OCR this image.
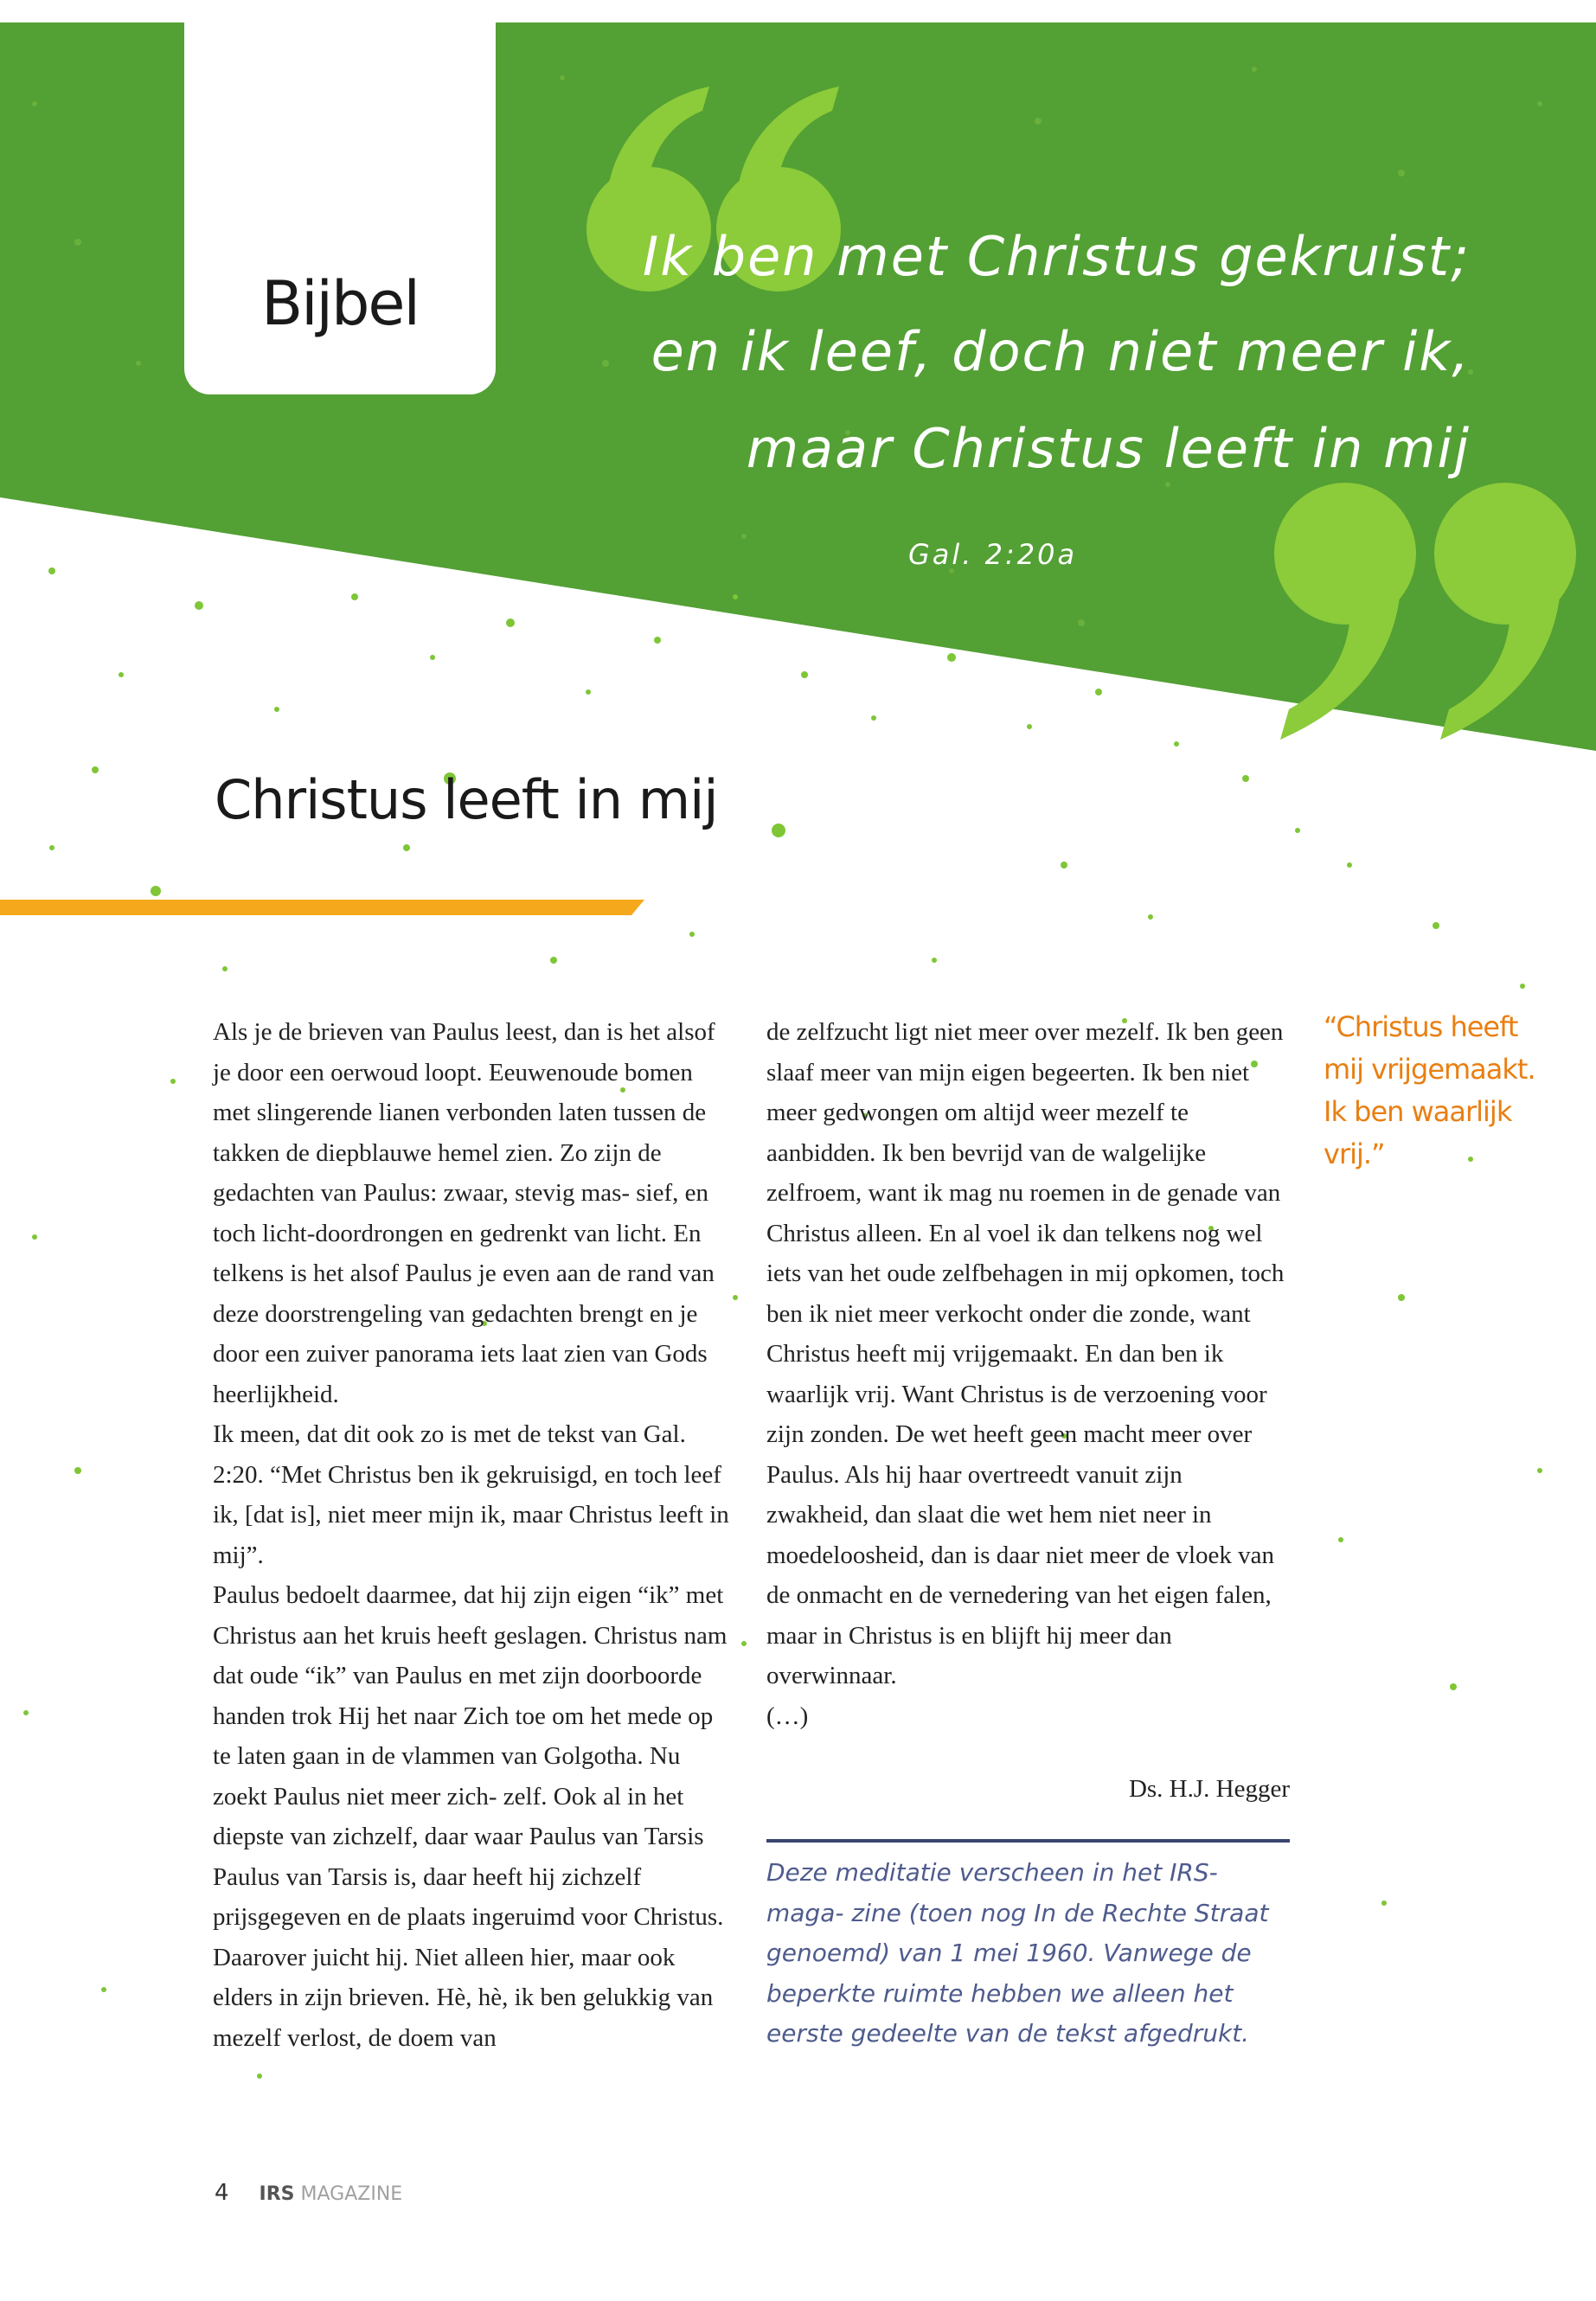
Bijbel
Ik ben met Christus gekruist;
en ik leef, doch niet meer ik,
maar Christus leeft in mij
Gal. 2:20a
Christus leeft in mij

Als je de brieven van Paulus leest, dan is het alsof je door een oerwoud loopt. Eeuwenoude bomen met slingerende lianen verbonden laten tussen de takken de diepblauwe hemel zien. Zo zijn de gedachten van Paulus: zwaar, stevig mas- sief, en toch licht-doordrongen en gedrenkt van licht. En telkens is het alsof Paulus je even aan de rand van deze doorstrengeling van gedachten brengt en je door een zuiver panorama iets laat zien van Gods heerlijkheid.

Ik meen, dat dit ook zo is met de tekst van Gal. 2:20. “Met Christus ben ik gekruisigd, en toch leef ik, [dat is], niet meer mijn ik, maar Christus leeft in mij”.

Paulus bedoelt daarmee, dat hij zijn eigen “ik” met Christus aan het kruis heeft geslagen. Christus nam dat oude “ik” van Paulus en met zijn doorboorde handen trok Hij het naar Zich toe om het mede op te laten gaan in de vlammen van Golgotha. Nu zoekt Paulus niet meer zich- zelf. Ook al in het diepste van zichzelf, daar waar Paulus van Tarsis Paulus van Tarsis is, daar heeft hij zichzelf prijsgegeven en de plaats ingeruimd voor Christus. Daarover juicht hij. Niet alleen hier, maar ook elders in zijn brieven. Hè, hè, ik ben gelukkig van mezelf verlost, de doem van

de zelfzucht ligt niet meer over mezelf. Ik ben geen slaaf meer van mijn eigen begeerten. Ik ben niet meer gedwongen om altijd weer mezelf te aanbidden. Ik ben bevrijd van de walgelijke zelfroem, want ik mag nu roemen in de genade van Christus alleen. En al voel ik dan telkens nog wel iets van het oude zelfbehagen in mij opkomen, toch ben ik niet meer verkocht onder die zonde, want Christus heeft mij vrijgemaakt. En dan ben ik waarlijk vrij. Want Christus is de verzoening voor zijn zonden. De wet heeft geen macht meer over Paulus. Als hij haar overtreedt vanuit zijn zwakheid, dan slaat die wet hem niet neer in moedeloosheid, dan is daar niet meer de vloek van de onmacht en de vernedering van het eigen falen, maar in Christus is en blijft hij meer dan overwinnaar.

(…)

Ds. H.J. Hegger
Deze meditatie verscheen in het IRS-maga- zine (toen nog In de Rechte Straat genoemd) van 1 mei 1960. Vanwege de beperkte ruimte hebben we alleen het eerste gedeelte van de tekst afgedrukt.
“Christus heeft mij vrijgemaakt. Ik ben waarlijk vrij.”
4 IRS MAGAZINE
